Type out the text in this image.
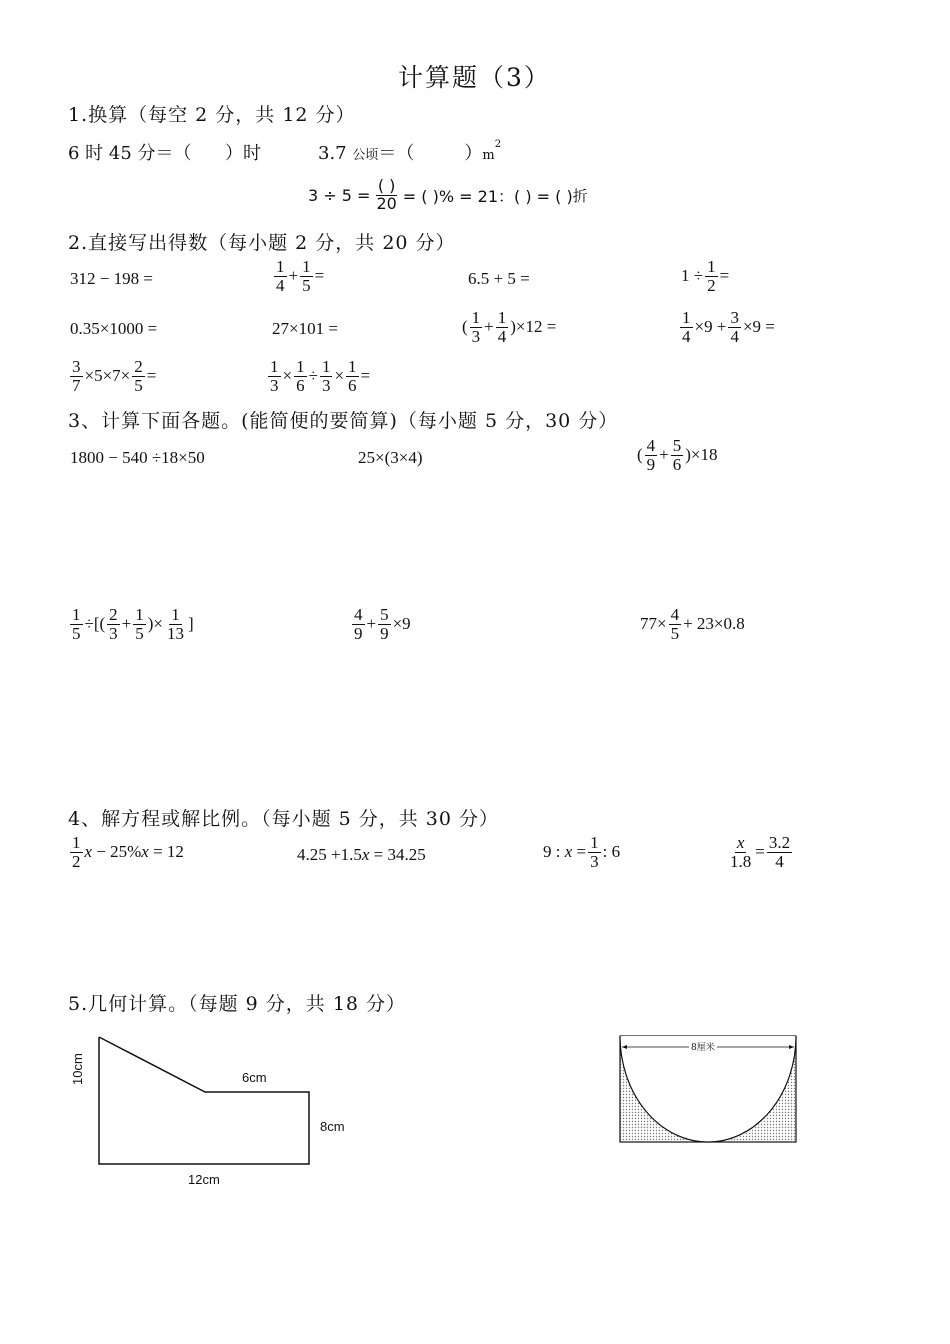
计算题（3）
1.换算（每空 2 分，共 12 分）
6 时 45 分＝（ ）时	3.7 公顷＝（	）$m^2$
$3 \div 5 = \frac{( )}{20}$ = ( )% = 21：( ) = ( ) 折
2.直接写出得数（每小题 2 分，共 20 分）
312 − 198 =	$\frac{1}{4} + \frac{1}{5}$ =	6.5 + 5 =	$1 \div \frac{1}{2}$ =
0.35×1000 =	27×101 =	( $\frac{1}{3} + \frac{1}{4} )\times 12$ =	$\frac{1}{4} \times 9 + \frac{3}{4} \times 9$ =
$\frac{3}{7} \times 5\times 7\times \frac{2}{5}$ =	$\frac{1}{3} \times \frac{1}{6} \div \frac{1}{3} \times \frac{1}{6}$ =
3、计算下面各题。(能简便的要简算)（每小题 5 分，30 分）
1800 − 540 ÷18×50	25×(3×4)	( $\frac{4}{9} + \frac{5}{6} )\times 18$
$\frac{1}{5}$ ÷[( $\frac{2}{3} + \frac{1}{5}$ )× $\frac{1}{13}$ ]	$\frac{4}{9} + \frac{5}{9} \times 9$	$77\times \frac{4}{5} + 23\times 0.8$
4、解方程或解比例。（每小题 5 分，共 30 分）
$\frac{1}{2}$ x − 25% x = 12	4.25 +1.5 x = 34.25	9 : $x = \frac{1}{3}$ : 6	$\frac{x}{1.8} = \frac{3.2}{4}$
5.几何计算。（每题 9 分，共 18 分）
10cm	6cm
8cm
12cm
8厘米
